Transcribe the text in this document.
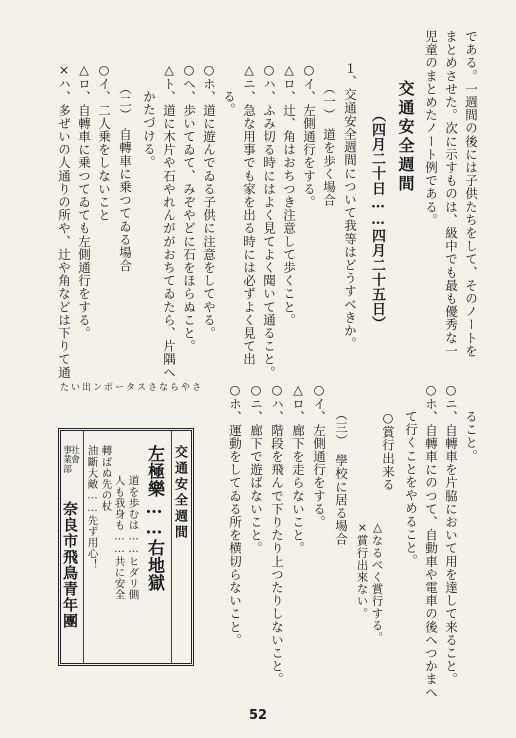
である。一週間の後には子供たちをして、そのノートを
まとめさせた。次に示すものは、級中でも最も優秀な一
児童のまとめたノート例である。
交通安全週間
（四月二十日……四月二十五日）
１、交通安全週間について我等はどうすべきか。
（一）　道を歩く場合
○イ、左側通行をする。
△ロ、辻、角はおちつき注意して歩くこと。
○ハ、ふみ切る時にはよく見てよく聞いて通ること。
△ニ、急な用事でも家を出る時には必ずよく見て出
る。
○ホ、道に遊んでゐる子供に注意をしてやる。
○ヘ、歩いてゐて、みぞやどに石をほらぬこと。
△ト、道に木片や石やれんががおちてゐたら、片隅へ
かたづける。
（二）　自轉車に乗つてゐる場合
○イ、二人乗をしないこと
△ロ、自轉車に乗つてゐても左側通行をする。
×ハ、多ぜいの人通りの所や、辻や角などは下りて通
ること。
○ニ、自轉車を片脇において用を達して来ること。
○ホ、自轉車にのつて、自動車や電車の後へつかまへ
て行くことをやめること。
○賞行出来る
△なるべく賞行する。
×賞行出來ない。
（三）　學校に居る場合
○イ、左側通行をする。
△ロ、廊下を走らないこと。
○ハ、階段を飛んで下りたり上つたりしないこと。
○ニ、廊下で遊ばないこと。
○ホ、運動をしてゐる所を横切らないこと。
たい出ンポータスさならやさ
交通安全週間
左極樂……右地獄
道を歩むは……ヒダリ側
人も我身も……共に安全
轉ばぬ先の杖
油斷大敵……先ず用心！
奈良市飛鳥青年團
社會
事業部
52
